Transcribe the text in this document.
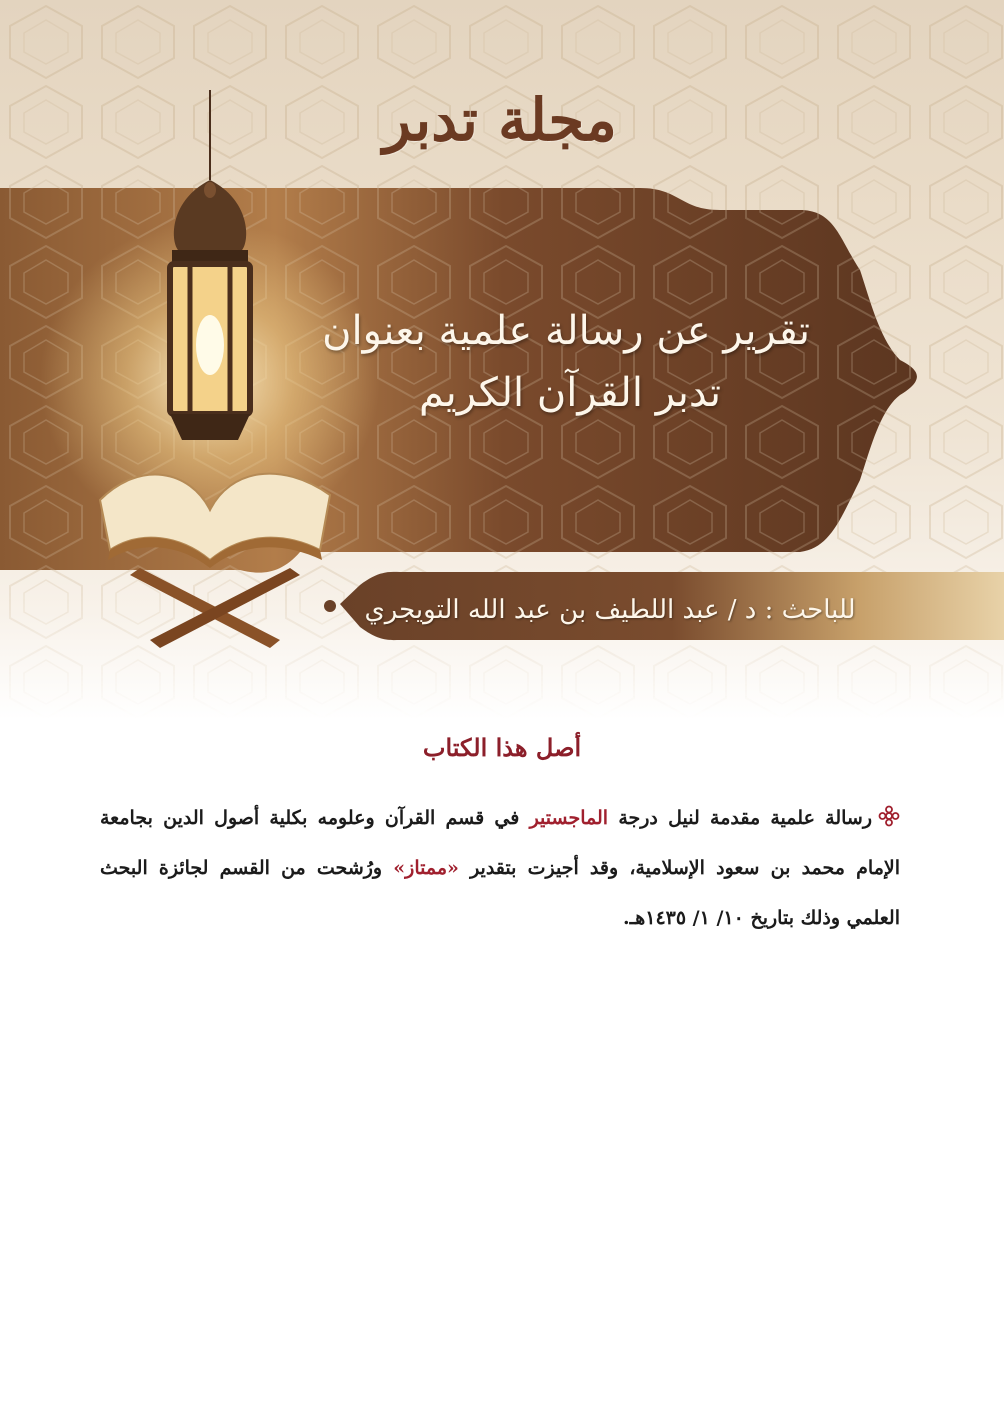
مجلة تدبر
تقرير عن رسالة علمية بعنوان
تدبر القرآن الكريم
للباحث : د / عبد اللطيف بن عبد الله التويجري
أصل هذا الكتاب

رسالة علمية مقدمة لنيل درجة الماجستير في قسم القرآن وعلومه بكلية أصول الدين بجامعة الإمام محمد بن سعود الإسلامية، وقد أجيزت بتقدير «ممتاز» ورُشحت من القسم لجائزة البحث العلمي وذلك بتاريخ ١٠/ ١/ ١٤٣٥هـ.
